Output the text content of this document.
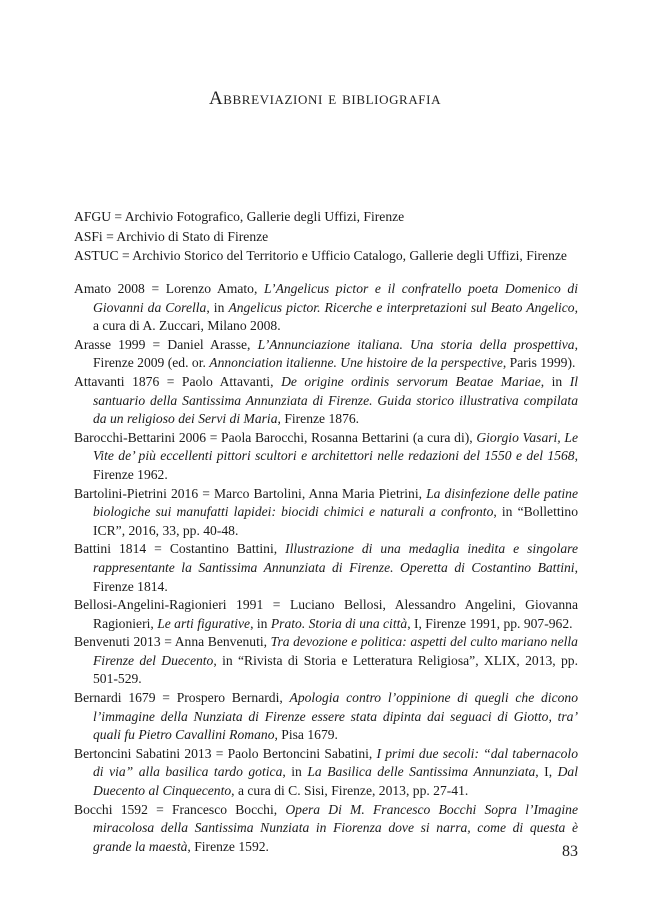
Abbreviazioni e bibliografia
AFGU = Archivio Fotografico, Gallerie degli Uffizi, Firenze
ASFi = Archivio di Stato di Firenze
ASTUC = Archivio Storico del Territorio e Ufficio Catalogo, Gallerie degli Uffizi, Firenze
Amato 2008 = Lorenzo Amato, L’Angelicus pictor e il confratello poeta Domenico di Giovanni da Corella, in Angelicus pictor. Ricerche e interpretazioni sul Beato Angelico, a cura di A. Zuccari, Milano 2008.
Arasse 1999 = Daniel Arasse, L’Annunciazione italiana. Una storia della prospettiva, Firenze 2009 (ed. or. Annonciation italienne. Une histoire de la perspective, Paris 1999).
Attavanti 1876 = Paolo Attavanti, De origine ordinis servorum Beatae Mariae, in Il santuario della Santissima Annunziata di Firenze. Guida storico illustrativa compilata da un religioso dei Servi di Maria, Firenze 1876.
Barocchi-Bettarini 2006 = Paola Barocchi, Rosanna Bettarini (a cura di), Giorgio Vasari, Le Vite de’ più eccellenti pittori scultori e architettori nelle redazioni del 1550 e del 1568, Firenze 1962.
Bartolini-Pietrini 2016 = Marco Bartolini, Anna Maria Pietrini, La disinfezione delle patine biologiche sui manufatti lapidei: biocidi chimici e naturali a confronto, in “Bollettino ICR”, 2016, 33, pp. 40-48.
Battini 1814 = Costantino Battini, Illustrazione di una medaglia inedita e singolare rappresentante la Santissima Annunziata di Firenze. Operetta di Costantino Battini, Firenze 1814.
Bellosi-Angelini-Ragionieri 1991 = Luciano Bellosi, Alessandro Angelini, Giovanna Ragionieri, Le arti figurative, in Prato. Storia di una città, I, Firenze 1991, pp. 907-962.
Benvenuti 2013 = Anna Benvenuti, Tra devozione e politica: aspetti del culto mariano nella Firenze del Duecento, in “Rivista di Storia e Letteratura Religiosa”, XLIX, 2013, pp. 501-529.
Bernardi 1679 = Prospero Bernardi, Apologia contro l’oppinione di quegli che dicono l’immagine della Nunziata di Firenze essere stata dipinta dai seguaci di Giotto, tra’ quali fu Pietro Cavallini Romano, Pisa 1679.
Bertoncini Sabatini 2013 = Paolo Bertoncini Sabatini, I primi due secoli: “dal tabernacolo di via” alla basilica tardo gotica, in La Basilica delle Santissima Annunziata, I, Dal Duecento al Cinquecento, a cura di C. Sisi, Firenze, 2013, pp. 27-41.
Bocchi 1592 = Francesco Bocchi, Opera Di M. Francesco Bocchi Sopra l’Imagine miracolosa della Santissima Nunziata in Fiorenza dove si narra, come di questa è grande la maestà, Firenze 1592.	83
